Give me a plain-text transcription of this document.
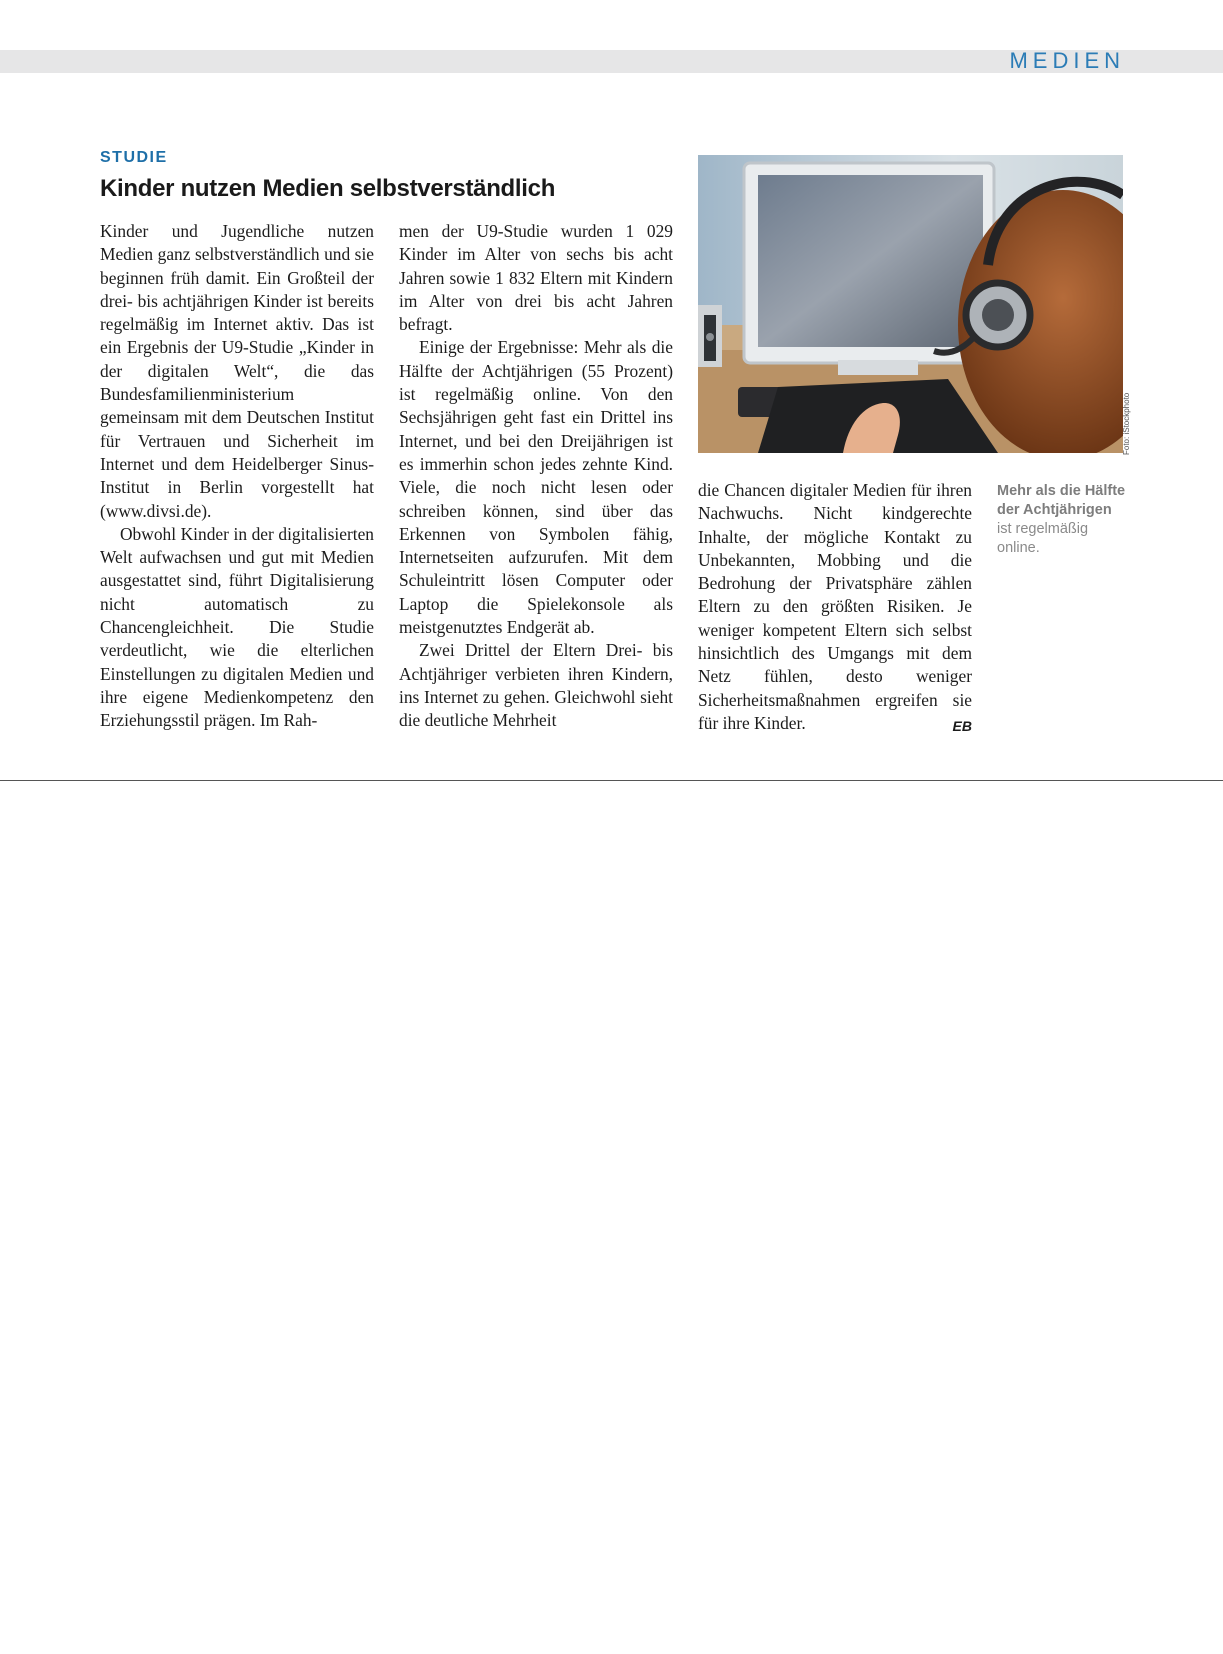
MEDIEN
STUDIE
Kinder nutzen Medien selbstverständlich

Kinder und Jugendliche nutzen Medien ganz selbstverständlich und sie beginnen früh damit. Ein Großteil der drei- bis achtjährigen Kinder ist bereits regelmäßig im Internet aktiv. Das ist ein Ergebnis der U9-Studie „Kinder in der digitalen Welt“, die das Bundesfamilienministerium gemeinsam mit dem Deutschen Institut für Vertrauen und Sicherheit im Internet und dem Heidelberger Sinus-Institut in Berlin vorgestellt hat (www.divsi.de).

Obwohl Kinder in der digitalisierten Welt aufwachsen und gut mit Medien ausgestattet sind, führt Digitalisierung nicht automatisch zu Chancengleichheit. Die Studie verdeutlicht, wie die elterlichen Einstellungen zu digitalen Medien und ihre eigene Medienkompetenz den Erziehungsstil prägen. Im Rah-

men der U9-Studie wurden 1 029 Kinder im Alter von sechs bis acht Jahren sowie 1 832 Eltern mit Kindern im Alter von drei bis acht Jahren befragt.

Einige der Ergebnisse: Mehr als die Hälfte der Achtjährigen (55 Prozent) ist regelmäßig online. Von den Sechsjährigen geht fast ein Drittel ins Internet, und bei den Dreijährigen ist es immerhin schon jedes zehnte Kind. Viele, die noch nicht lesen oder schreiben können, sind über das Erkennen von Symbolen fähig, Internetseiten aufzurufen. Mit dem Schuleintritt lösen Computer oder Laptop die Spielekonsole als meistgenutztes Endgerät ab.

Zwei Drittel der Eltern Drei- bis Achtjähriger verbieten ihren Kindern, ins Internet zu gehen. Gleichwohl sieht die deutliche Mehrheit

die Chancen digitaler Medien für ihren Nachwuchs. Nicht kindgerechte Inhalte, der mögliche Kontakt zu Unbekannten, Mobbing und die Bedrohung der Privatsphäre zählen Eltern zu den größten Risiken. Je weniger kompetent Eltern sich selbst hinsichtlich des Umgangs mit dem Netz fühlen, desto weniger Sicherheitsmaßnahmen ergreifen sie für ihre Kinder.	EB

Foto: iStockphoto
Mehr als die Hälfte der Achtjährigen ist regelmäßig online.
